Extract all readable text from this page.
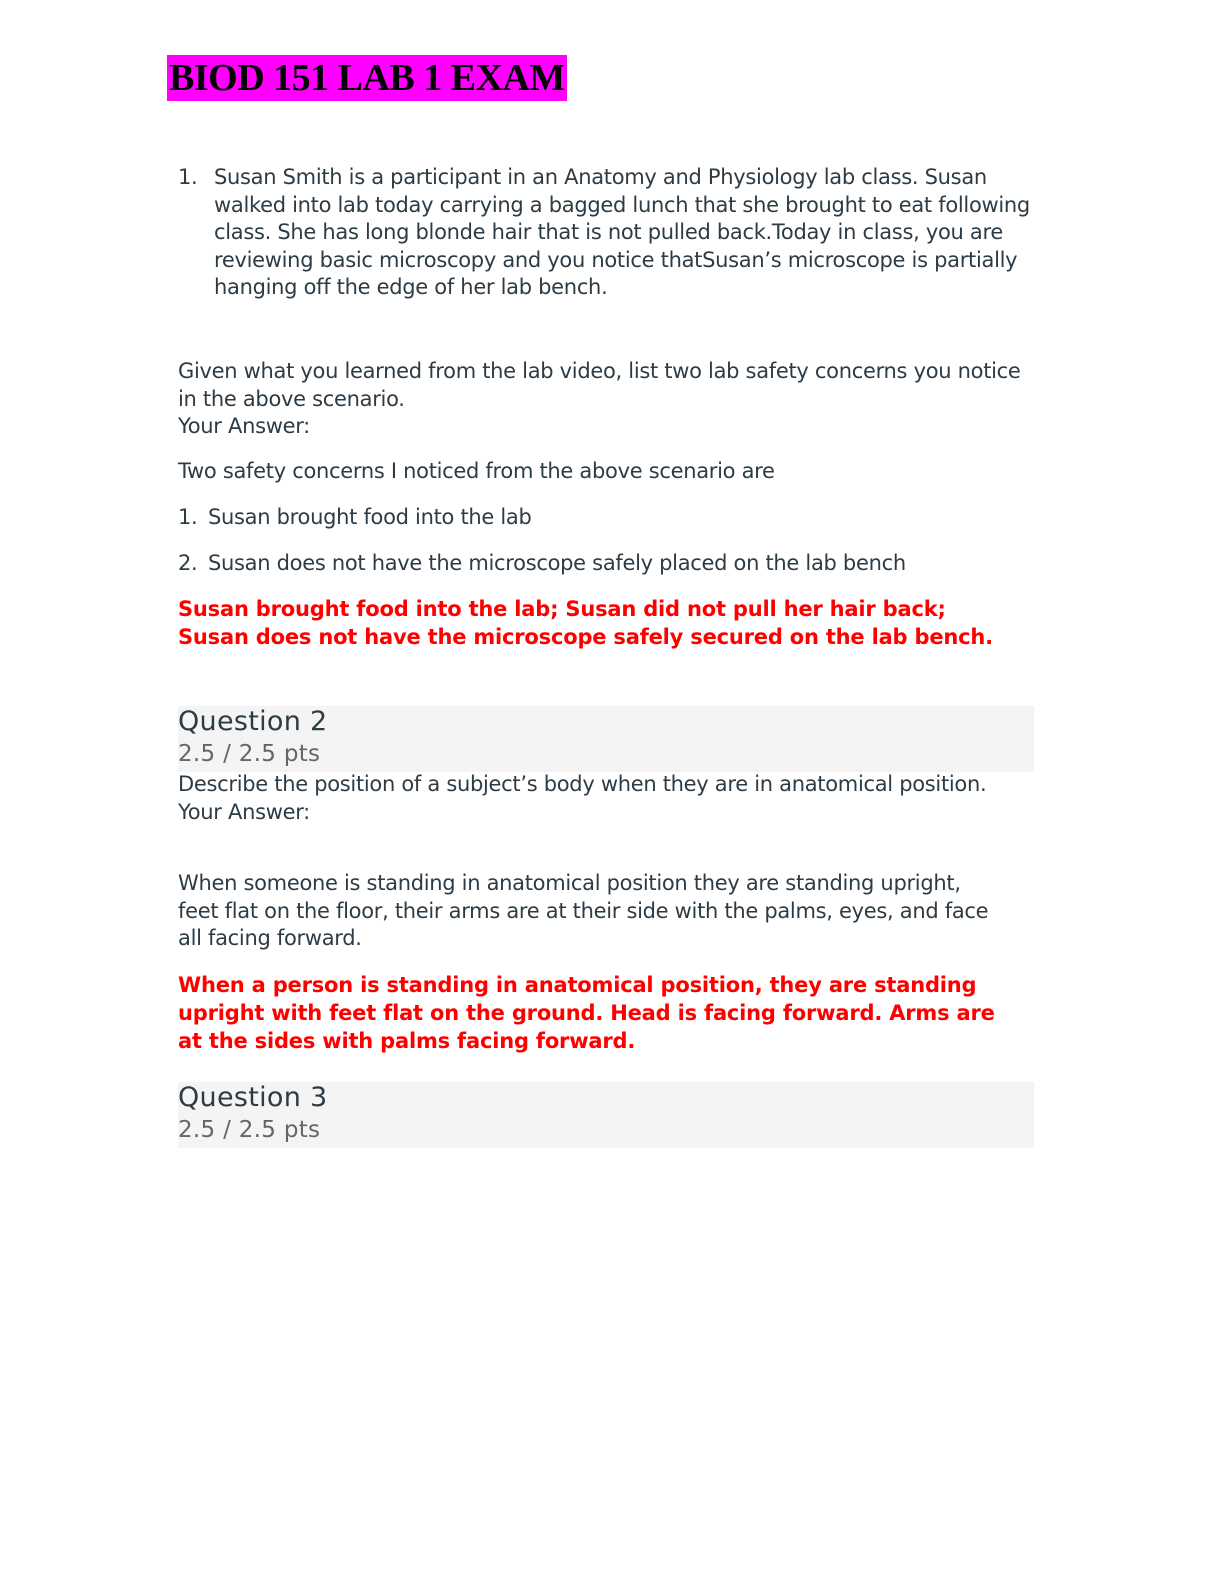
BIOD 151 LAB 1 EXAM
1. Susan Smith is a participant in an Anatomy and Physiology lab class. Susan walked into lab today carrying a bagged lunch that she brought to eat following class. She has long blonde hair that is not pulled back.Today in class, you are reviewing basic microscopy and you notice thatSusan’s microscope is partially hanging off the edge of her lab bench.
Given what you learned from the lab video, list two lab safety concerns you notice in the above scenario.
Your Answer:
Two safety concerns I noticed from the above scenario are
1. Susan brought food into the lab
2. Susan does not have the microscope safely placed on the lab bench
Susan brought food into the lab; Susan did not pull her hair back; Susan does not have the microscope safely secured on the lab bench.
Question 2
2.5 / 2.5 pts
Describe the position of a subject’s body when they are in anatomical position.
Your Answer:
When someone is standing in anatomical position they are standing upright, feet flat on the floor, their arms are at their side with the palms, eyes, and face all facing forward.
When a person is standing in anatomical position, they are standing upright with feet flat on the ground. Head is facing forward. Arms are at the sides with palms facing forward.
Question 3
2.5 / 2.5 pts
